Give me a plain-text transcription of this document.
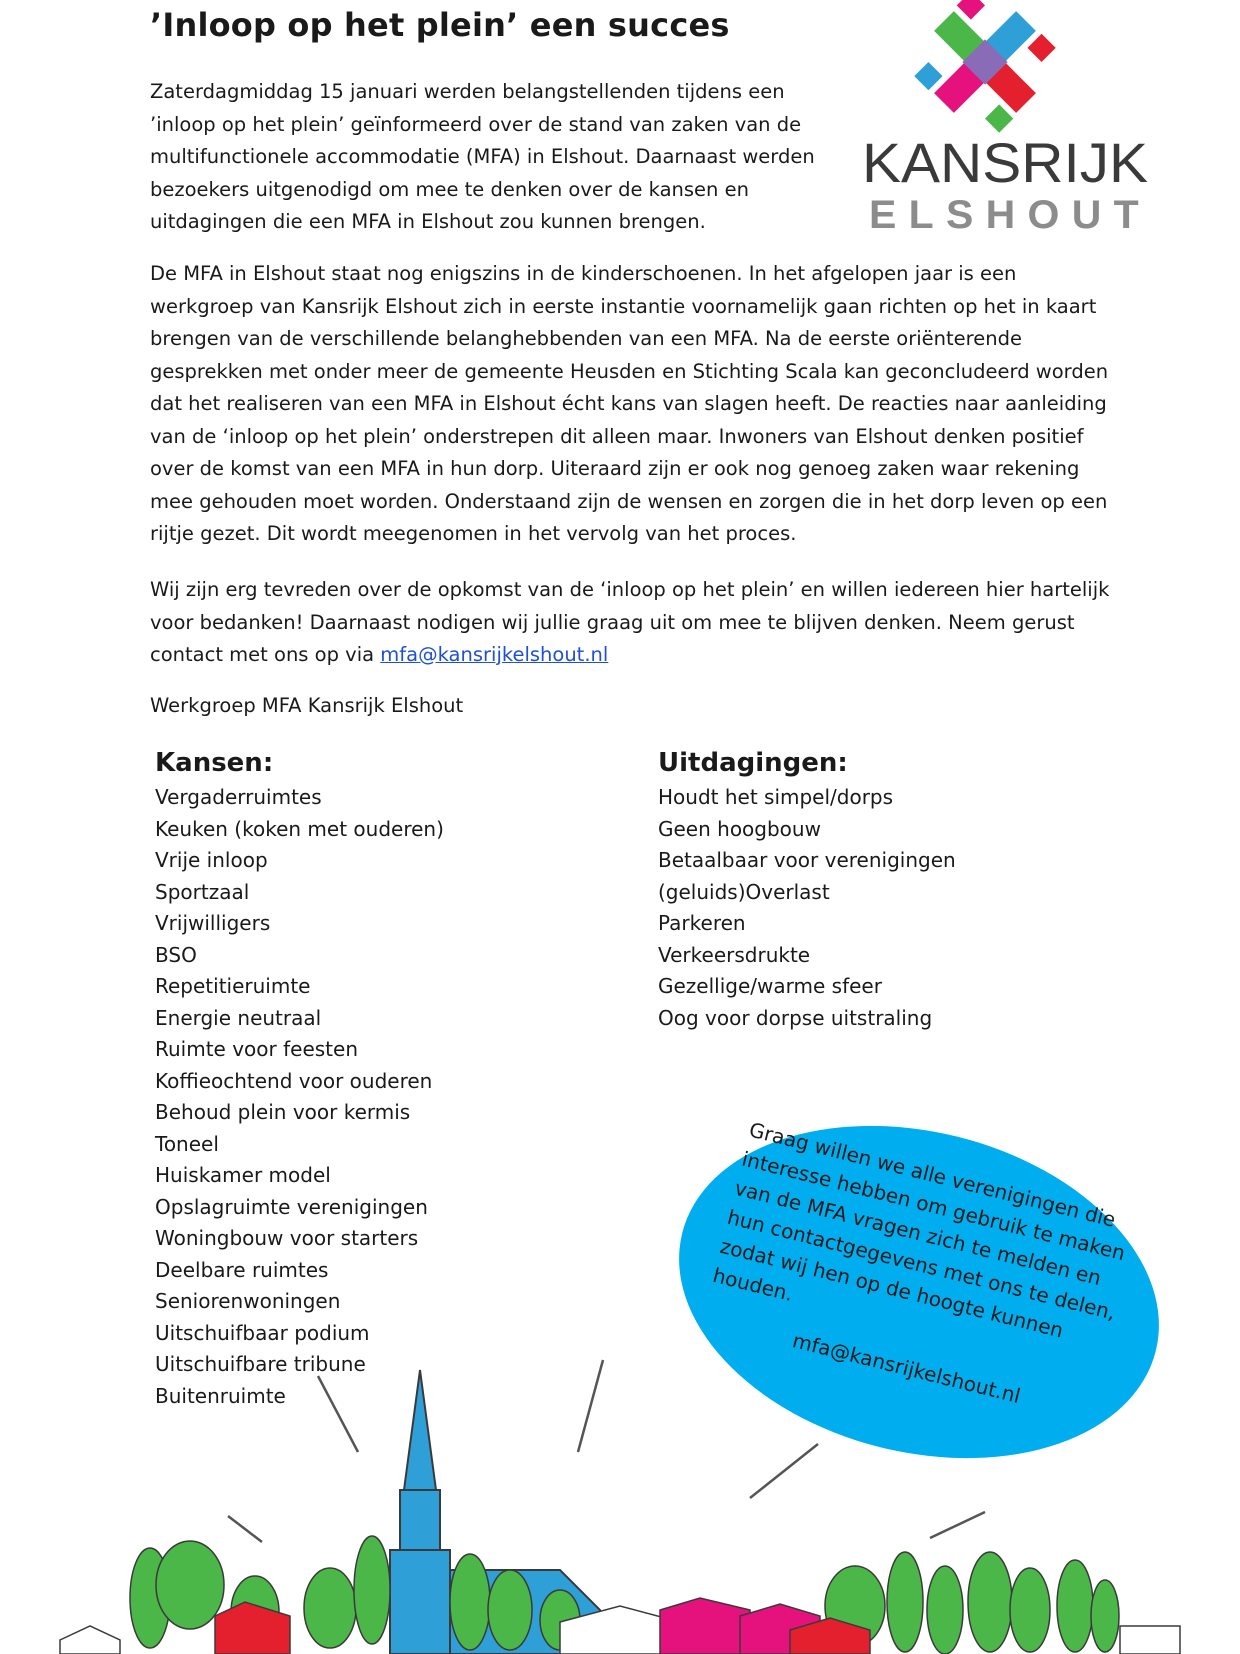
’Inloop op het plein’ een succes
KANSRIJK
ELSHOUT

Zaterdagmiddag 15 januari werden belangstellenden tijdens een ’inloop op het plein’ geïnformeerd over de stand van zaken van de multifunctionele accommodatie (MFA) in Elshout. Daarnaast werden bezoekers uitgenodigd om mee te denken over de kansen en uitdagingen die een MFA in Elshout zou kunnen brengen.

De MFA in Elshout staat nog enigszins in de kinderschoenen. In het afgelopen jaar is een werkgroep van Kansrijk Elshout zich in eerste instantie voornamelijk gaan richten op het in kaart brengen van de verschillende belanghebbenden van een MFA. Na de eerste oriënterende gesprekken met onder meer de gemeente Heusden en Stichting Scala kan geconcludeerd worden dat het realiseren van een MFA in Elshout écht kans van slagen heeft. De reacties naar aanleiding van de ‘inloop op het plein’ onderstrepen dit alleen maar. Inwoners van Elshout denken positief over de komst van een MFA in hun dorp. Uiteraard zijn er ook nog genoeg zaken waar rekening mee gehouden moet worden. Onderstaand zijn de wensen en zorgen die in het dorp leven op een rijtje gezet. Dit wordt meegenomen in het vervolg van het proces.

Wij zijn erg tevreden over de opkomst van de ‘inloop op het plein’ en willen iedereen hier hartelijk voor bedanken! Daarnaast nodigen wij jullie graag uit om mee te blijven denken. Neem gerust contact met ons op via mfa@kansrijkelshout.nl

Werkgroep MFA Kansrijk Elshout

Kansen:
Vergaderruimtes
Keuken (koken met ouderen)
Vrije inloop
Sportzaal
Vrijwilligers
BSO
Repetitieruimte
Energie neutraal
Ruimte voor feesten
Koffieochtend voor ouderen
Behoud plein voor kermis
Toneel
Huiskamer model
Opslagruimte verenigingen
Woningbouw voor starters
Deelbare ruimtes
Seniorenwoningen
Uitschuifbaar podium
Uitschuifbare tribune
Buitenruimte
Uitdagingen:
Houdt het simpel/dorps
Geen hoogbouw
Betaalbaar voor verenigingen
(geluids)Overlast
Parkeren
Verkeersdrukte
Gezellige/warme sfeer
Oog voor dorpse uitstraling

Graag willen we alle verenigingen die interesse hebben om gebruik te maken van de MFA vragen zich te melden en hun contactgegevens met ons te delen, zodat wij hen op de hoogte kunnen houden.

mfa@kansrijkelshout.nl
